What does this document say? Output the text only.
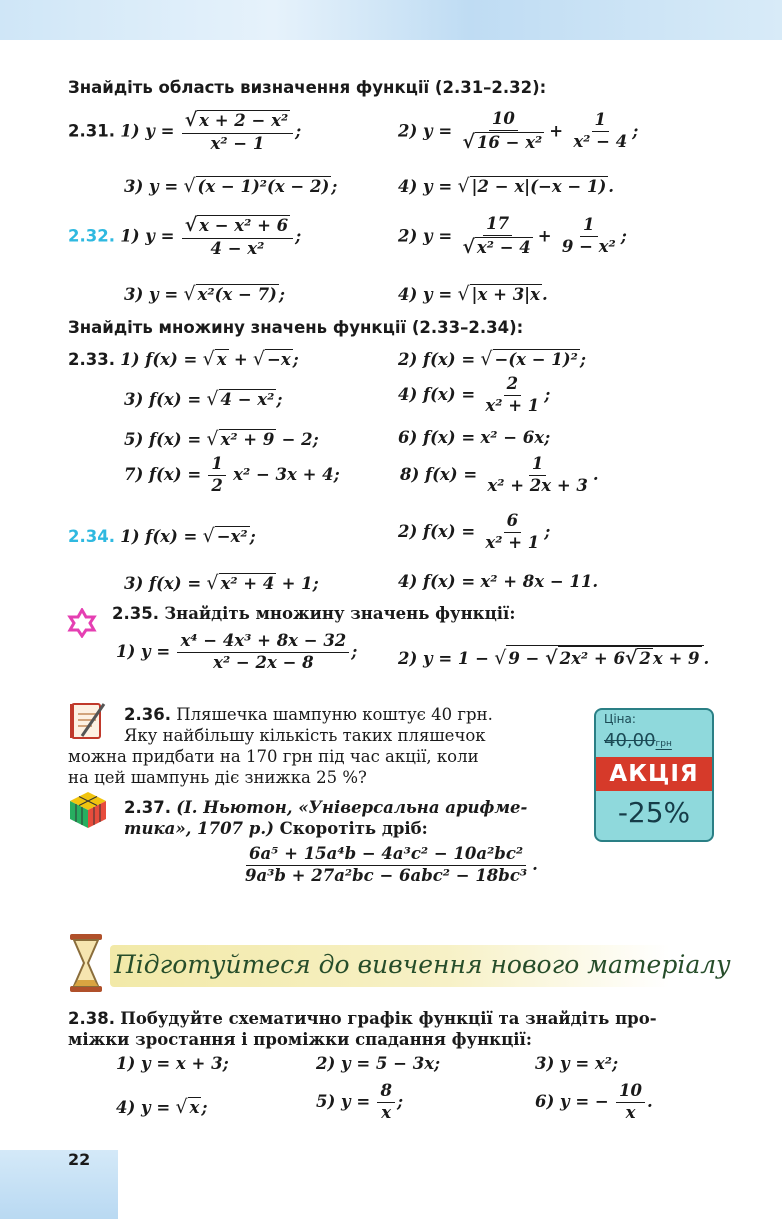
Знайдіть область визначення функції (2.31–2.32):
2.31. 1) $y = \frac{\text{√ x + 2 − x²}}{\text{x² − 1}}$ ;	2) $y = \frac{10}{\text{√ 16 − x²}} + \frac{1}{\text{x² − 4}}$ ;
3) y = √ (x − 1)²(x − 2) ;	4) y = √ |2 − x|(−x − 1) .
2.32. 1) $y = \frac{\text{√ x − x² + 6}}{\text{4 − x²}}$ ;	2) $y = \frac{17}{\text{√ x² − 4}} + \frac{1}{\text{9 − x²}}$ ;
3) y = √ x²(x − 7) ;	4) y = √ |x + 3|x .
Знайдіть множину значень функції (2.33–2.34):
2.33. 1) f(x) = √ x + √ −x ;	2) f(x) = √ −(x − 1)² ;
3) f(x) = √ 4 − x² ;	4) $f(x) = \frac{2}{\text{x² + 1}}$ ;
5) f(x) = √ x² + 9 − 2;	6) f(x) = x² − 6x;
7) $f(x) = \frac{1}{2} x^2 - 3x + 4$;	8) $f(x) = \frac{1}{\text{x² + 2x + 3}}$ .
2.34. 1) f(x) = √ −x² ;	2) $f(x) = \frac{6}{\text{x² + 1}}$ ;
3) f(x) = √ x² + 4 + 1;	4) f(x) = x² + 8x − 11.
2.35. Знайдіть множину значень функції:
1) $y = \frac{\text{x⁴ − 4x³ + 8x − 32}}{\text{x² − 2x − 8}}$ ; 2) y = 1 − √ 9 − √ 2x² + 6√ 2 x + 9 .
2.36. Пляшечка шампуню коштує 40 грн.
Яку найбільшу кількість таких пляшечок
можна придбати на 170 грн під час акції, коли
на цей шампунь діє знижка 25 %?
Ціна:
40,00грн
АКЦІЯ
-25%
2.37. (І. Ньютон, «Універсальна арифме-
тика», 1707 р.) Скоротіть дріб:
$\frac{\text{6a⁵ + 15a⁴b − 4a³c² − 10a²bc²}}{\text{9a³b + 27a²bc − 6abc² − 18bc³}}$ .
Підготуйтеся до вивчення нового матеріалу
2.38. Побудуйте схематично графік функції та знайдіть про-
міжки зростання і проміжки спадання функції:
1) y = x + 3;	2) y = 5 − 3x;	3) y = x²;
4) y = √ x ;	5) $y = \frac{8}{x}$ ;	6) y = − $\frac{10}{x}$ .
22
